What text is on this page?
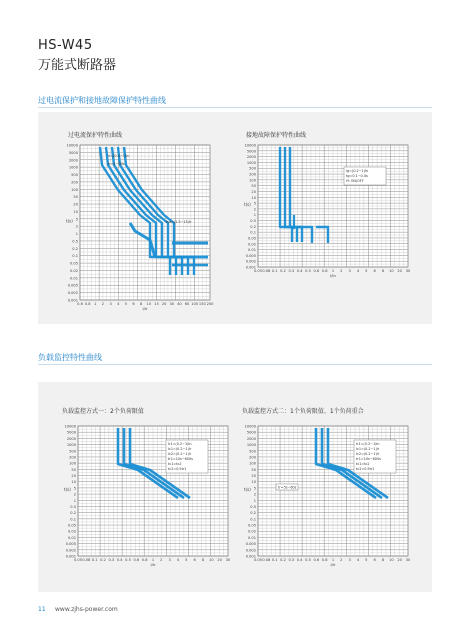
HS-W45
万能式断路器
过电流保护和接地故障保护特性曲线
过电流保护特性曲线	接地故障保护特性曲线
负载监控特性曲线
负载监控方式一：2个负荷限值	负载监控方式二：1个负荷限值、1个负荷重合
10000
5000
2000
1000
500
200
100
50
20
10
5
2
1
0.5
0.2
0.1
0.05
0.02
0.01
0.005
0.002
0.001
0.6 0.8 1 2 3 4 5 6 8 10 15 20 30 40 60 100 150 200
t(s)
I/Ir
Ir=(0.4~1)In
tr=1~30s
Isd=(1.5~15)Ir
10000
5000
2000
1000
500
200
100
50
20
10
5
2
1
0.5
0.2
0.1
0.05
0.02
0.01
0.005
0.002
0.001
0.05 0.08 0.1 0.2 0.3 0.4 0.5 0.6 0.8 1 2 3 4 5 6 8 10 20 30
t(s)
I/In
Ig=(0.2~1)In
tg=0.1~0.4s
I²t ON/OFF
10000
5000
2000
1000
500
200
100
50
20
10
5
2
1
0.5
0.2
0.1
0.05
0.02
0.01
0.005
0.002
0.001
0.05 0.08 0.1 0.2 0.3 0.4 0.5 0.6 0.8 1 2 3 4 5 6 8 10 20 30
t(s)
I/Ir
Ir1=(0.2~1)In
Ic1=(0.2~1)Ir
Ic2=(0.2~1)Ir
tr1=10s~600s
tc1=tc2
tc2=0.5tr1
10000
5000
2000
1000
500
200
100
50
20
10
5
2
1
0.5
0.2
0.1
0.05
0.02
0.01
0.005
0.002
0.001
0.05 0.08 0.1 0.2 0.3 0.4 0.5 0.6 0.8 1 2 3 4 5 6 8 10 20 30
t(s)
I/Ir
Ir1=(0.2~1)In
Ic1=(0.2~1)Ir
Ic2=(0.2~1)Ir
tr1=10s~600s
tc1=tc2
tc2=0.5tr1
tr=5s~60s
11 www.zjhs-power.com
